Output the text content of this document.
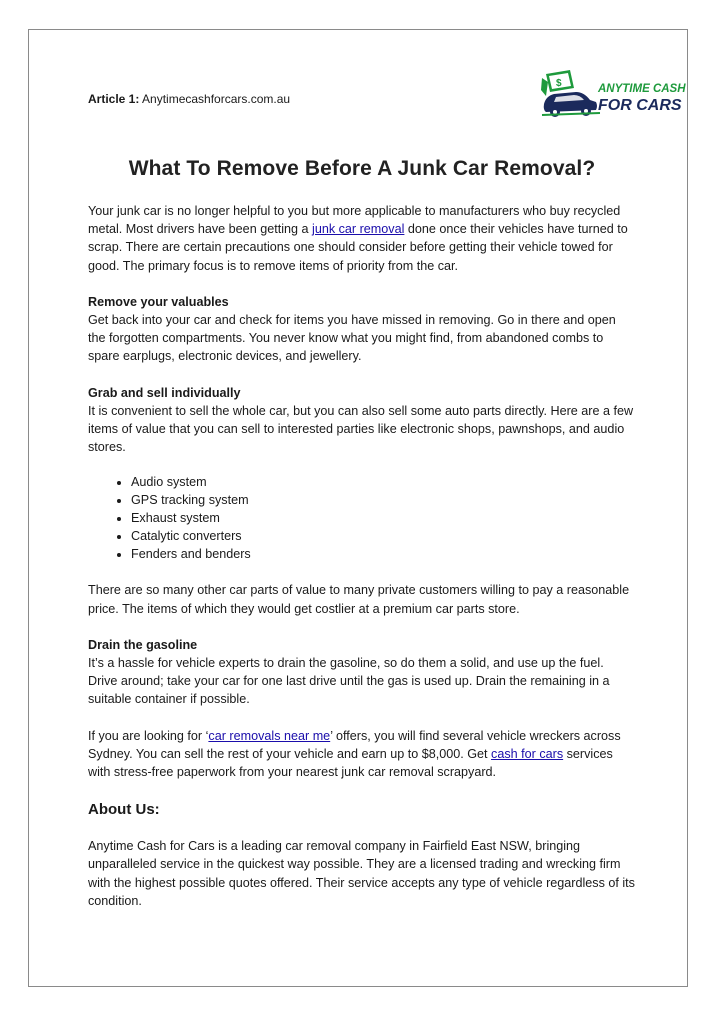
Article 1: Anytimecashforcars.com.au
$	ANYTIME CASH
FOR CARS
What To Remove Before A Junk Car Removal?

Your junk car is no longer helpful to you but more applicable to manufacturers who buy recycled metal. Most drivers have been getting a junk car removal done once their vehicles have turned to scrap. There are certain precautions one should consider before getting their vehicle towed for good. The primary focus is to remove items of priority from the car.

Remove your valuables

Get back into your car and check for items you have missed in removing. Go in there and open the forgotten compartments. You never know what you might find, from abandoned combs to spare earplugs, electronic devices, and jewellery.

Grab and sell individually

It is convenient to sell the whole car, but you can also sell some auto parts directly. Here are a few items of value that you can sell to interested parties like electronic shops, pawnshops, and audio stores.

• Audio system
• GPS tracking system
• Exhaust system
• Catalytic converters
• Fenders and benders

There are so many other car parts of value to many private customers willing to pay a reasonable price. The items of which they would get costlier at a premium car parts store.

Drain the gasoline

It’s a hassle for vehicle experts to drain the gasoline, so do them a solid, and use up the fuel. Drive around; take your car for one last drive until the gas is used up. Drain the remaining in a suitable container if possible.

If you are looking for ‘car removals near me’ offers, you will find several vehicle wreckers across Sydney. You can sell the rest of your vehicle and earn up to $8,000. Get cash for cars services with stress-free paperwork from your nearest junk car removal scrapyard.

About Us:

Anytime Cash for Cars is a leading car removal company in Fairfield East NSW, bringing unparalleled service in the quickest way possible. They are a licensed trading and wrecking firm with the highest possible quotes offered. Their service accepts any type of vehicle regardless of its condition.
